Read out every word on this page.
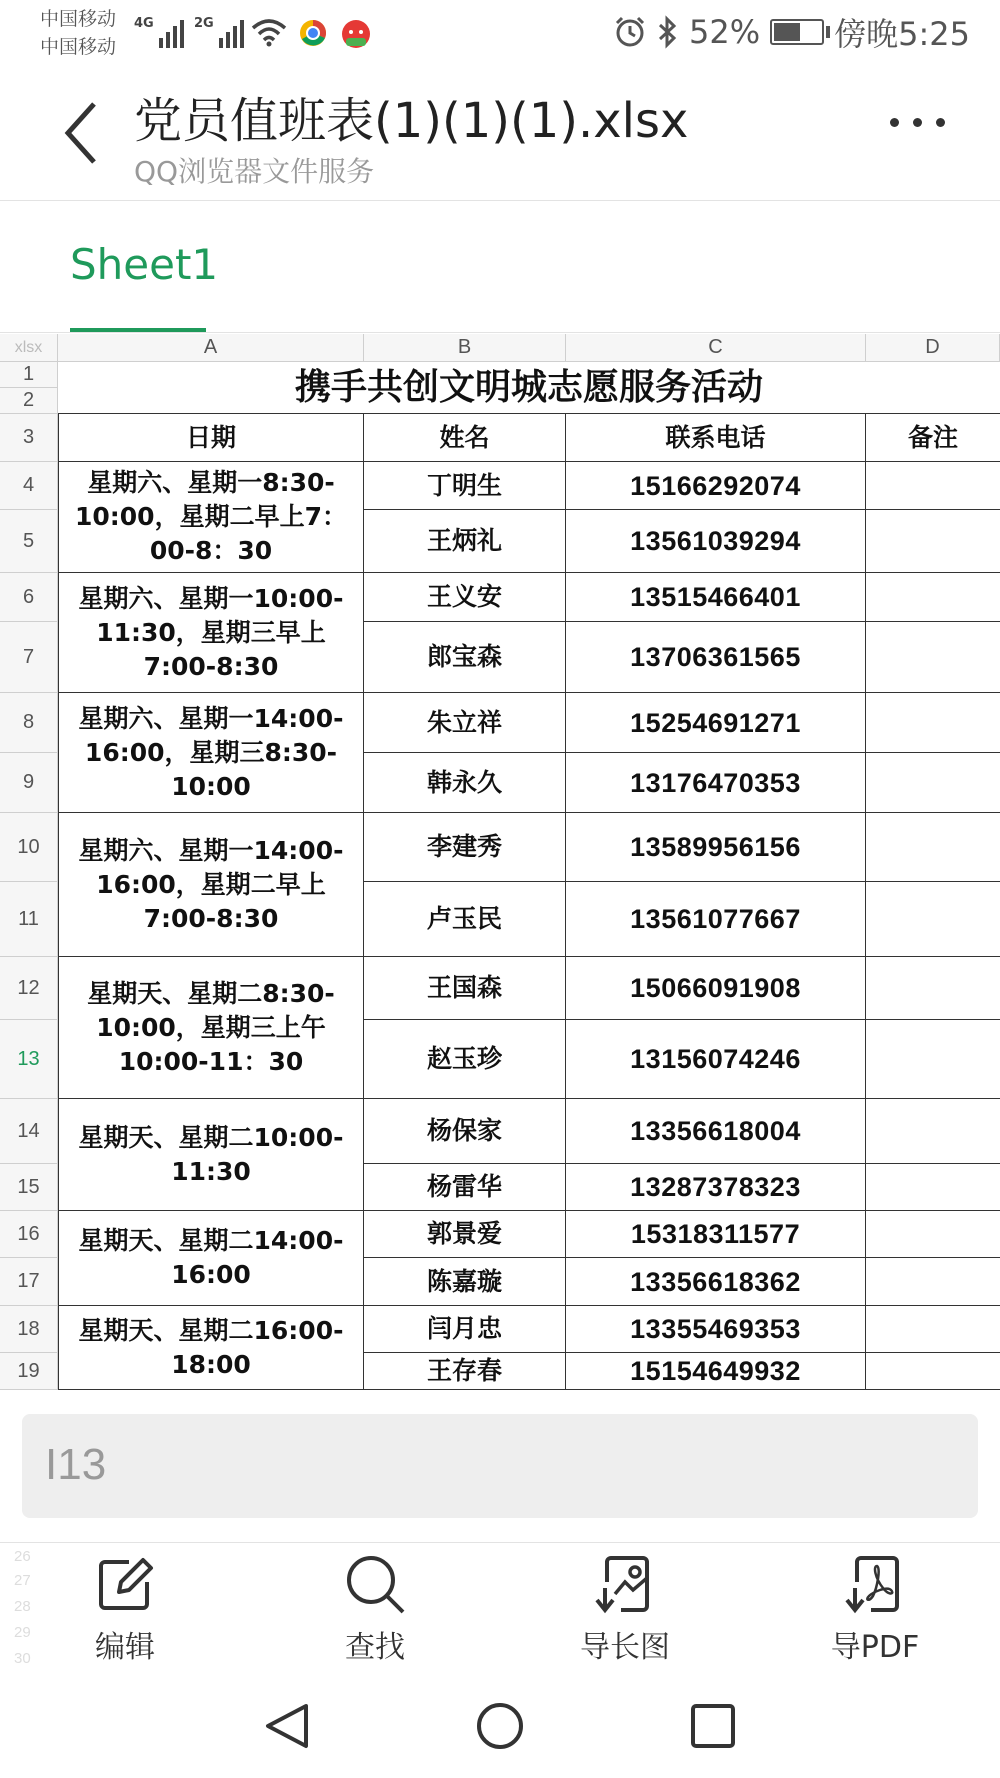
中国移动
中国移动
4G	2G	52% 傍晚5:25
党员值班表(1)(1)(1).xlsx
QQ浏览器文件服务
Sheet1
xlsx	A	B	C	D
1
2
3
4
5
6
7
8
9
10
11
12
13
14
15
16
17
18
19
携手共创文明城志愿服务活动
日期	姓名	联系电话	备注
星期六、星期一8:30-10:00，星期二早上7：00-8：30
丁明生	15166292074
王炳礼	13561039294
星期六、星期一10:00-11:30，星期三早上7:00-8:30
王义安	13515466401
郎宝森	13706361565
星期六、星期一14:00-16:00，星期三8:30-10:00
朱立祥	15254691271
韩永久	13176470353
星期六、星期一14:00-16:00，星期二早上7:00-8:30
李建秀	13589956156
卢玉民	13561077667
星期天、星期二8:30-10:00，星期三上午10:00-11：30
王国森	15066091908
赵玉珍	13156074246
星期天、星期二10:00-11:30
杨保家	13356618004
杨雷华	13287378323
星期天、星期二14:00-16:00
郭景爱	15318311577
陈嘉璇	13356618362
星期天、星期二16:00-18:00
闫月忠	13355469353
王存春	15154649932
I13
26
27
28
29
30 编辑	查找	导长图	导PDF
